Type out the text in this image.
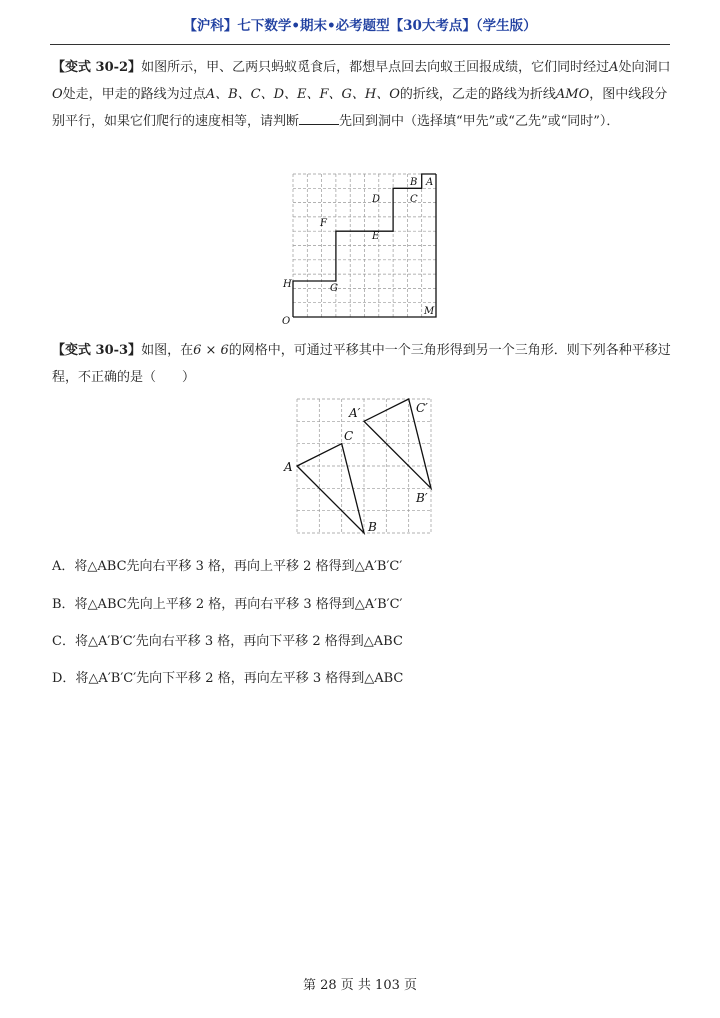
【沪科】七下数学•期末•必考题型【30大考点】（学生版）

【变式 30-2】如图所示，甲、乙两只蚂蚁觅食后，都想早点回去向蚁王回报成绩，它们同时经过A处向洞口O处走，甲走的路线为过点A、B、C、D、E、F、G、H、O的折线，乙走的路线为折线AMO，图中线段分别平行，如果它们爬行的速度相等，请判断	先回到洞中（选择填“甲先”或“乙先”或“同时”）．

A
B
C
D
E
F
G
H
O
M

【变式 30-3】如图，在6 × 6的网格中，可通过平移其中一个三角形得到另一个三角形．则下列各种平移过程，不正确的是（　　）

A
B
C
A′
B′
C′
A．将△ABC先向右平移 3 格，再向上平移 2 格得到△A′B′C′
B．将△ABC先向上平移 2 格，再向右平移 3 格得到△A′B′C′
C．将△A′B′C′先向右平移 3 格，再向下平移 2 格得到△ABC
D．将△A′B′C′先向下平移 2 格，再向左平移 3 格得到△ABC
第 28 页 共 103 页
